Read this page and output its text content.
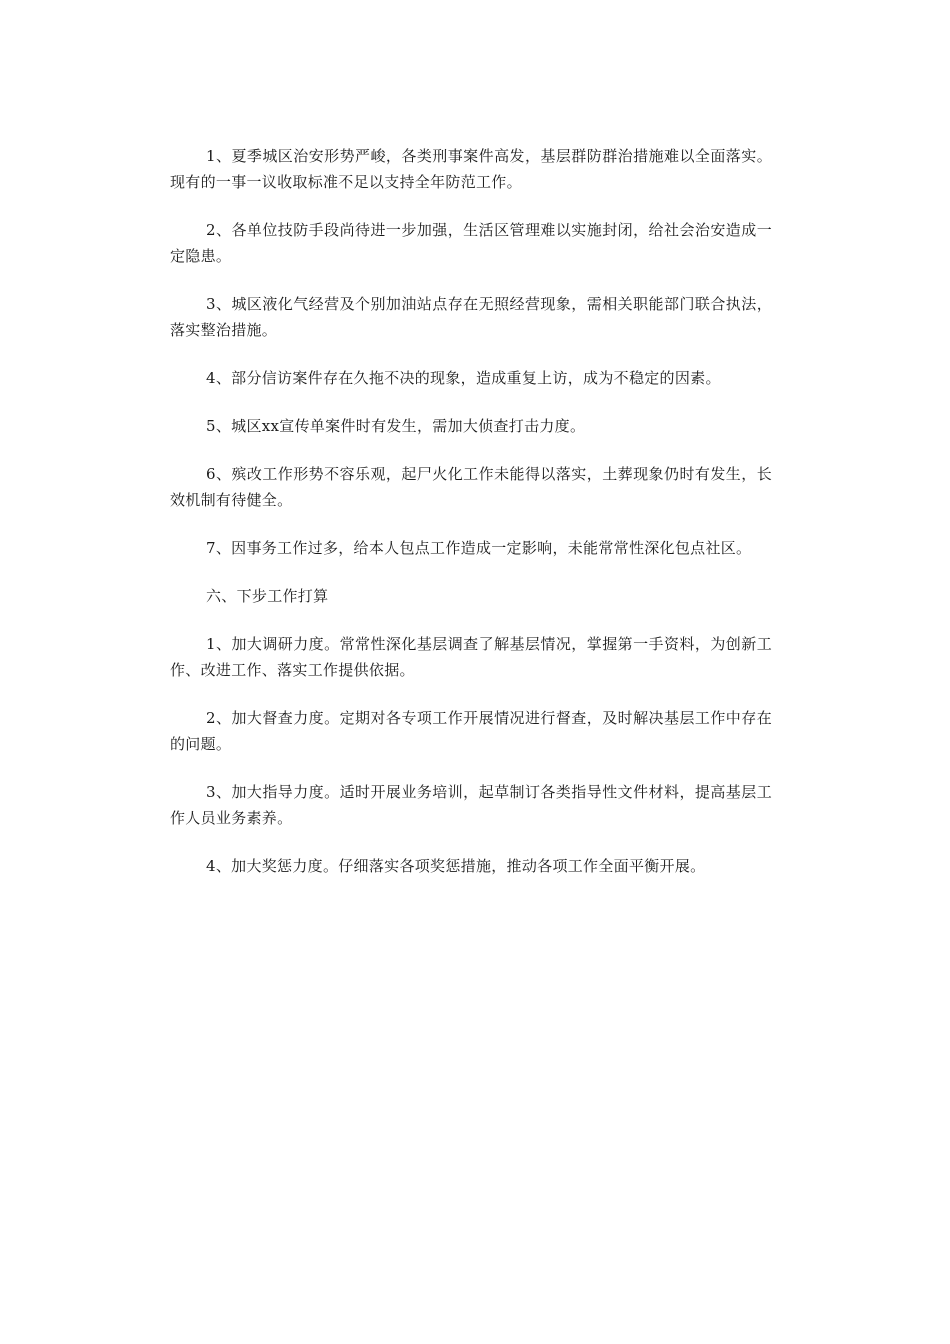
1、夏季城区治安形势严峻，各类刑事案件高发，基层群防群治措施难以全面落实。现有的一事一议收取标准不足以支持全年防范工作。

2、各单位技防手段尚待进一步加强，生活区管理难以实施封闭，给社会治安造成一定隐患。

3、城区液化气经营及个别加油站点存在无照经营现象，需相关职能部门联合执法，落实整治措施。

4、部分信访案件存在久拖不决的现象，造成重复上访，成为不稳定的因素。

5、城区xx宣传单案件时有发生，需加大侦查打击力度。

6、殡改工作形势不容乐观，起尸火化工作未能得以落实，土葬现象仍时有发生，长效机制有待健全。

7、因事务工作过多，给本人包点工作造成一定影响，未能常常性深化包点社区。

六、下步工作打算

1、加大调研力度。常常性深化基层调查了解基层情况，掌握第一手资料，为创新工作、改进工作、落实工作提供依据。

2、加大督查力度。定期对各专项工作开展情况进行督查，及时解决基层工作中存在的问题。

3、加大指导力度。适时开展业务培训，起草制订各类指导性文件材料，提高基层工作人员业务素养。

4、加大奖惩力度。仔细落实各项奖惩措施，推动各项工作全面平衡开展。
